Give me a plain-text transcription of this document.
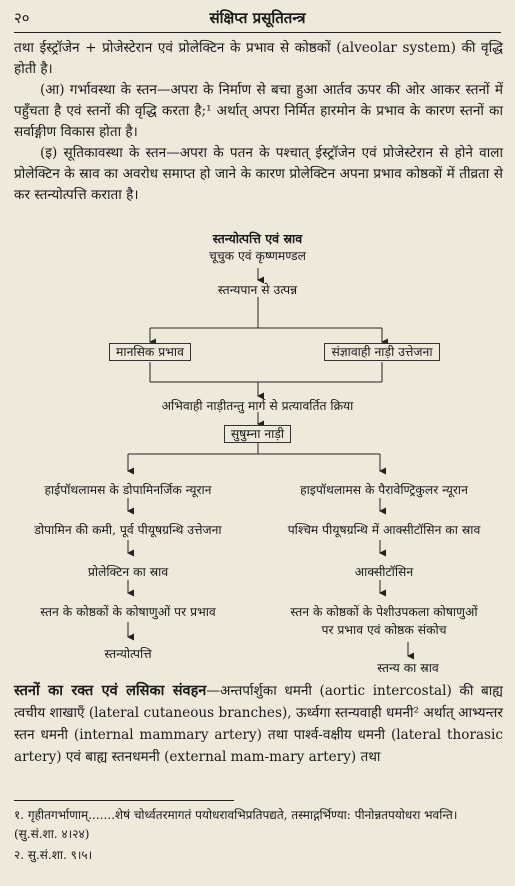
२०	संक्षिप्त प्रसूतितन्त्र

तथा ईस्ट्रॉजेन + प्रोजेस्टेरान एवं प्रोलेक्टिन के प्रभाव से कोष्ठकों (alveolar system) की वृद्धि होती है।

(आ) गर्भावस्था के स्तन—अपरा के निर्माण से बचा हुआ आर्तव ऊपर की ओर आकर स्तनों में पहुँचता है एवं स्तनों की वृद्धि करता है;¹ अर्थात् अपरा निर्मित हारमोन के प्रभाव के कारण स्तनों का सर्वाङ्गीण विकास होता है।

(इ) सूतिकावस्था के स्तन—अपरा के पतन के पश्चात् ईस्ट्रॉजेन एवं प्रोजेस्टेरान से होने वाला प्रोलेक्टिन के स्राव का अवरोध समाप्त हो जाने के कारण प्रोलेक्टिन अपना प्रभाव कोष्ठकों में तीव्रता से कर स्तन्योत्पत्ति कराता है।

स्तन्योत्पत्ति एवं स्राव
चूचुक एवं कृष्णमण्डल
स्तन्यपान से उत्पन्न
मानसिक प्रभाव	संज्ञावाही नाड़ी उत्तेजना
अभिवाही नाड़ीतन्तु मार्ग से प्रत्यावर्तित क्रिया
सुषुम्ना नाड़ी
हाईपॉथलामस के डोपामिनर्जिक न्यूरान
डोपामिन की कमी, पूर्व पीयूषग्रन्थि उत्तेजना
प्रोलेक्टिन का स्राव
स्तन के कोष्ठकों के कोषाणुओं पर प्रभाव
स्तन्योत्पत्ति
हाइपॉथलामस के पैरावेण्ट्रिकुलर न्यूरान
पश्चिम पीयूषग्रन्थि में आक्सीटॉसिन का स्राव
आक्सीटॉसिन
स्तन के कोष्ठकों के पेशीउपकला कोषाणुओं
पर प्रभाव एवं कोष्ठक संकोच
स्तन्य का स्राव
स्तनों का रक्त एवं लसिका संवहन—अन्तर्पार्शुका धमनी (aortic intercostal) की बाह्य त्वचीय शाखाएँ (lateral cutaneous branches), ऊर्ध्वगा स्तन्यवाही धमनी² अर्थात् आभ्यन्तर स्तन धमनी (internal mammary artery) तथा पार्श्व-वक्षीय धमनी (lateral thorasic artery) एवं बाह्य स्तनधमनी (external mam-mary artery) तथा

१. गृहीतगर्भाणाम्.......शेषं चोर्ध्वतरमागतं पयोधरावभिप्रतिपद्यते, तस्माद्गर्भिण्या: पीनोन्नतपयोधरा भवन्ति। (सु.सं.शा. ४।२४)

२. सु.सं.शा. ९।५।
